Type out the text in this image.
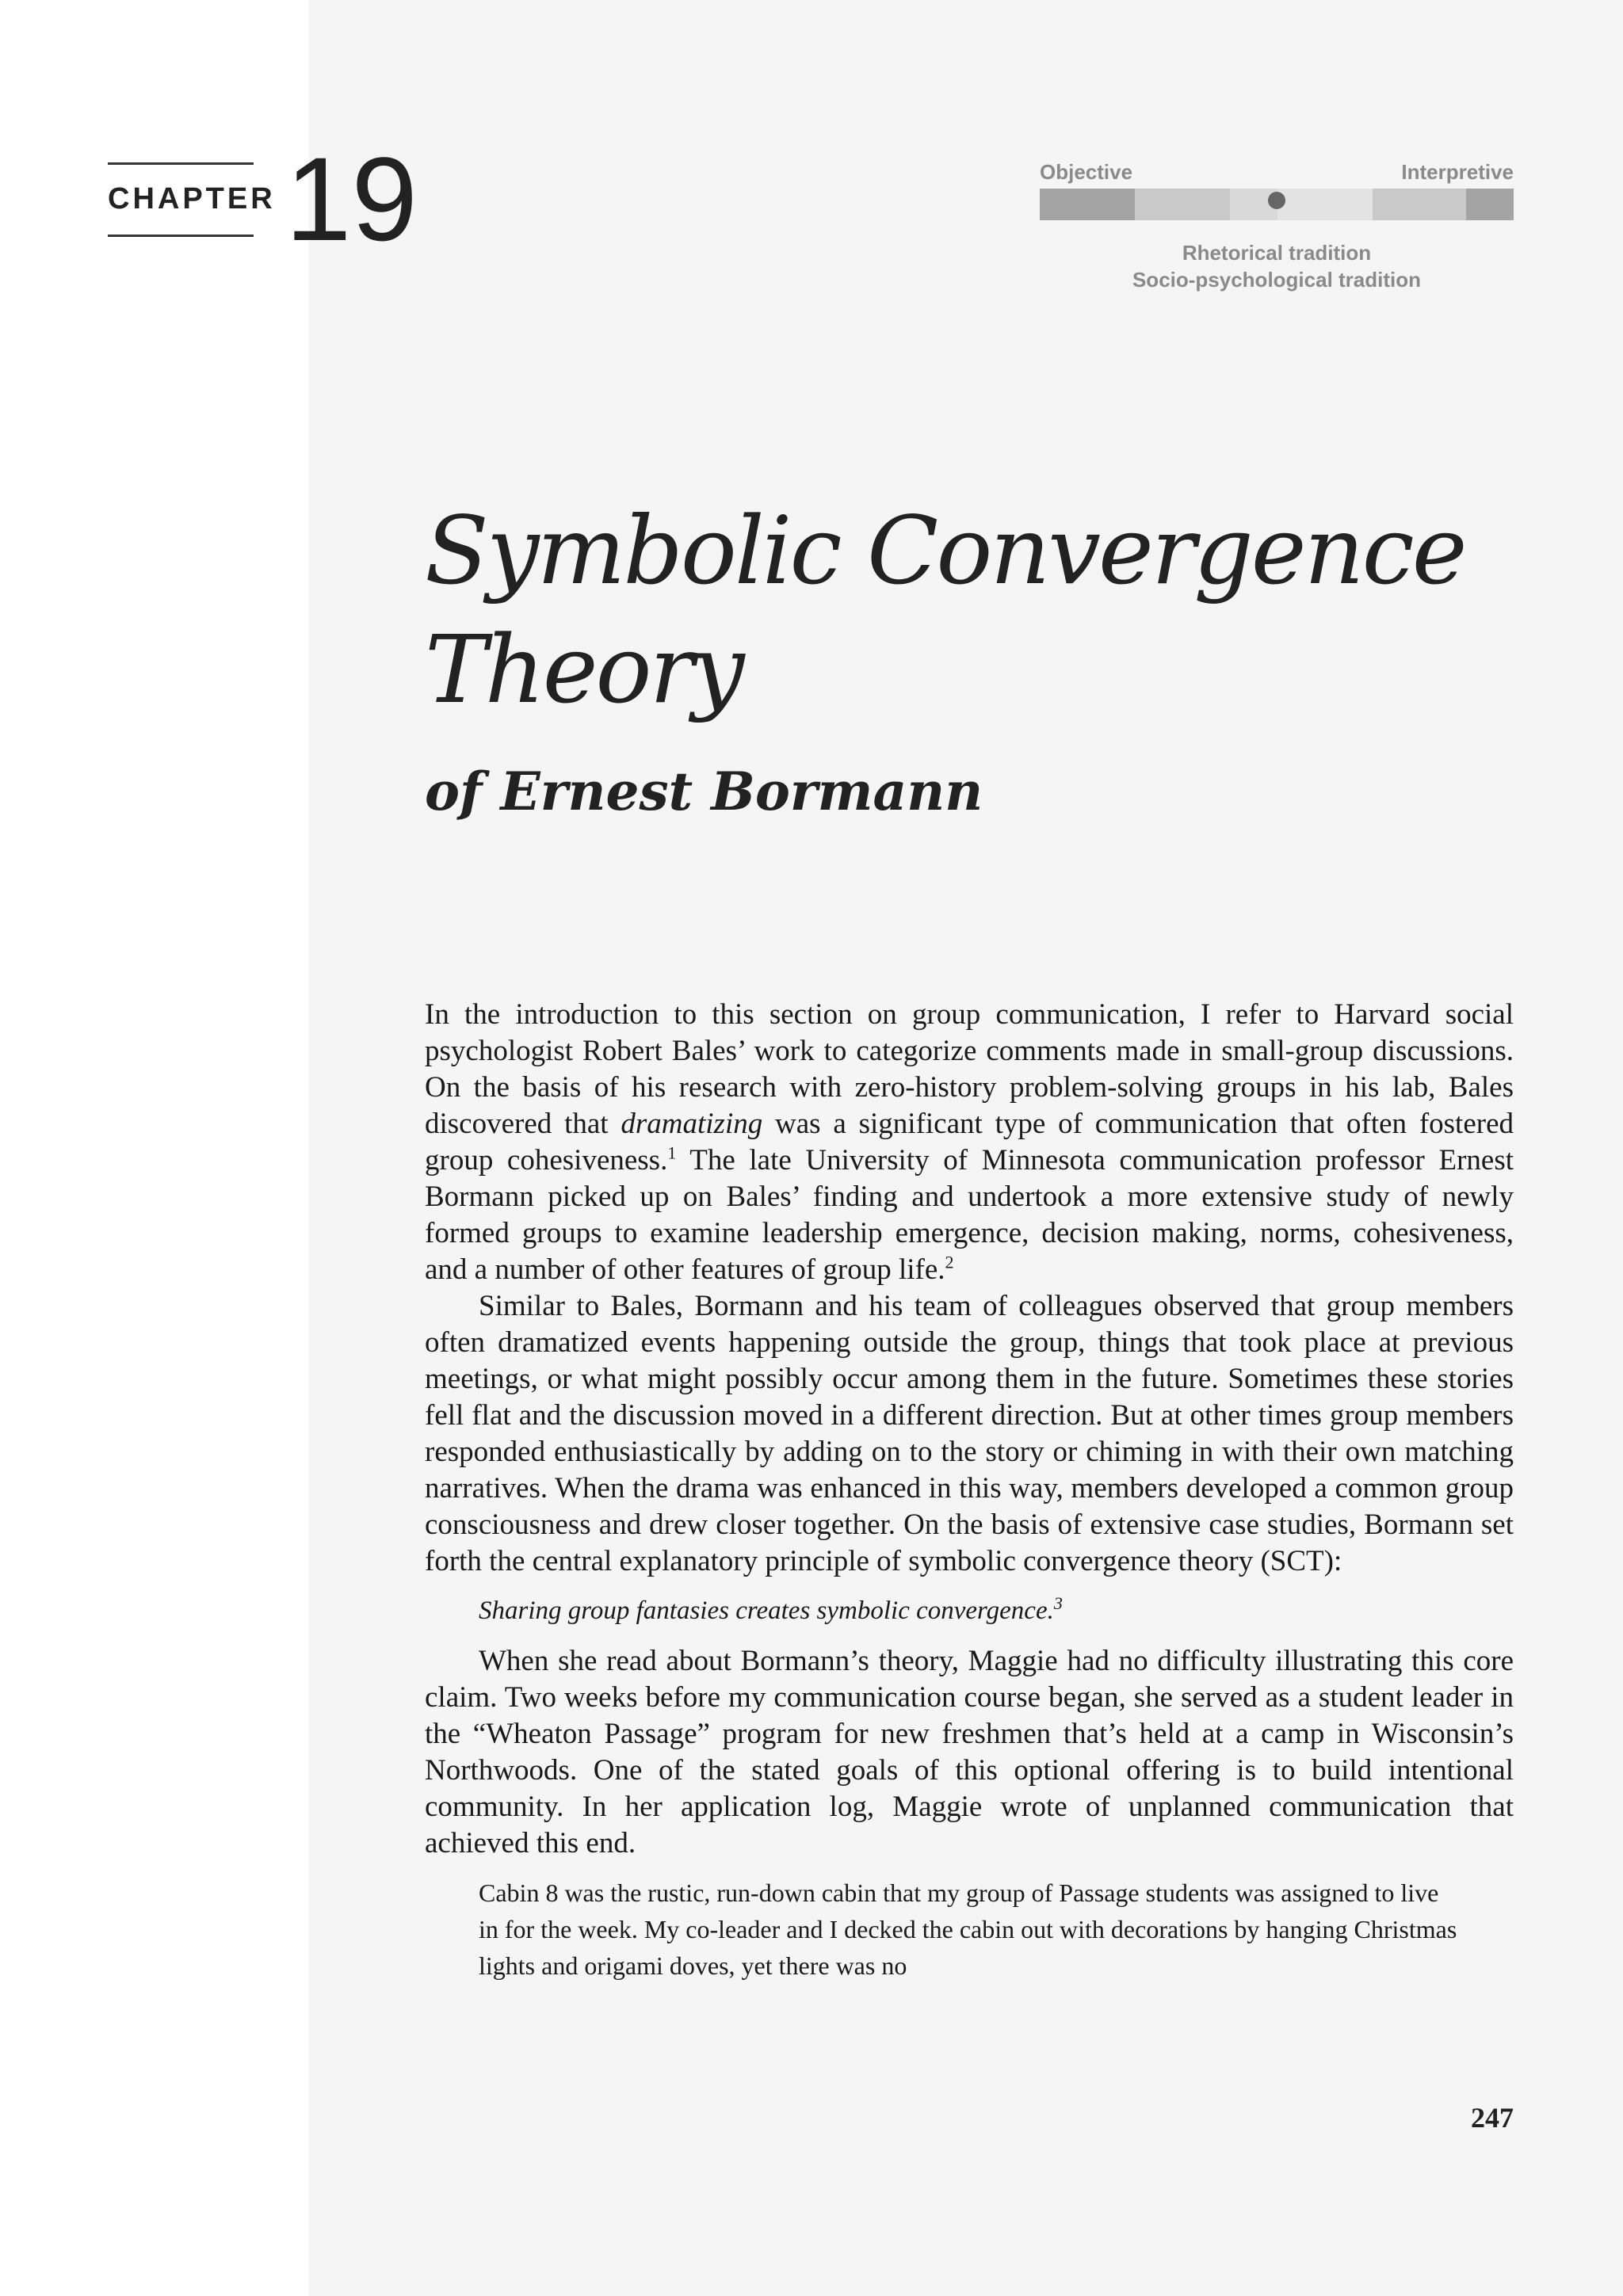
CHAPTER 19	Objective	Interpretive
Rhetorical tradition
Socio-psychological tradition
Symbolic Convergence
Theory
of Ernest Bormann

In the introduction to this section on group communication, I refer to Harvard social psychologist Robert Bales’ work to categorize comments made in small-group discussions. On the basis of his research with zero-history problem-solving groups in his lab, Bales discovered that dramatizing was a significant type of communication that often fostered group cohesiveness.$^1$ The late University of Minnesota communication professor Ernest Bormann picked up on Bales’ finding and undertook a more extensive study of newly formed groups to examine leadership emergence, decision making, norms, cohesiveness, and a number of other features of group life.$^2$

Similar to Bales, Bormann and his team of colleagues observed that group members often dramatized events happening outside the group, things that took place at previous meetings, or what might possibly occur among them in the future. Sometimes these stories fell flat and the discussion moved in a different direction. But at other times group members responded enthusiastically by adding on to the story or chiming in with their own matching narratives. When the drama was enhanced in this way, members developed a common group consciousness and drew closer together. On the basis of extensive case studies, Bormann set forth the central explanatory principle of symbolic convergence theory (SCT):

Sharing group fantasies creates symbolic convergence.$^3$

When she read about Bormann’s theory, Maggie had no difficulty illustrating this core claim. Two weeks before my communication course began, she served as a student leader in the “Wheaton Passage” program for new freshmen that’s held at a camp in Wisconsin’s Northwoods. One of the stated goals of this optional offering is to build intentional community. In her application log, Maggie wrote of unplanned communication that achieved this end.

Cabin 8 was the rustic, run-down cabin that my group of Passage students was assigned to live in for the week. My co-leader and I decked the cabin out with decorations by hanging Christmas lights and origami doves, yet there was no

247
